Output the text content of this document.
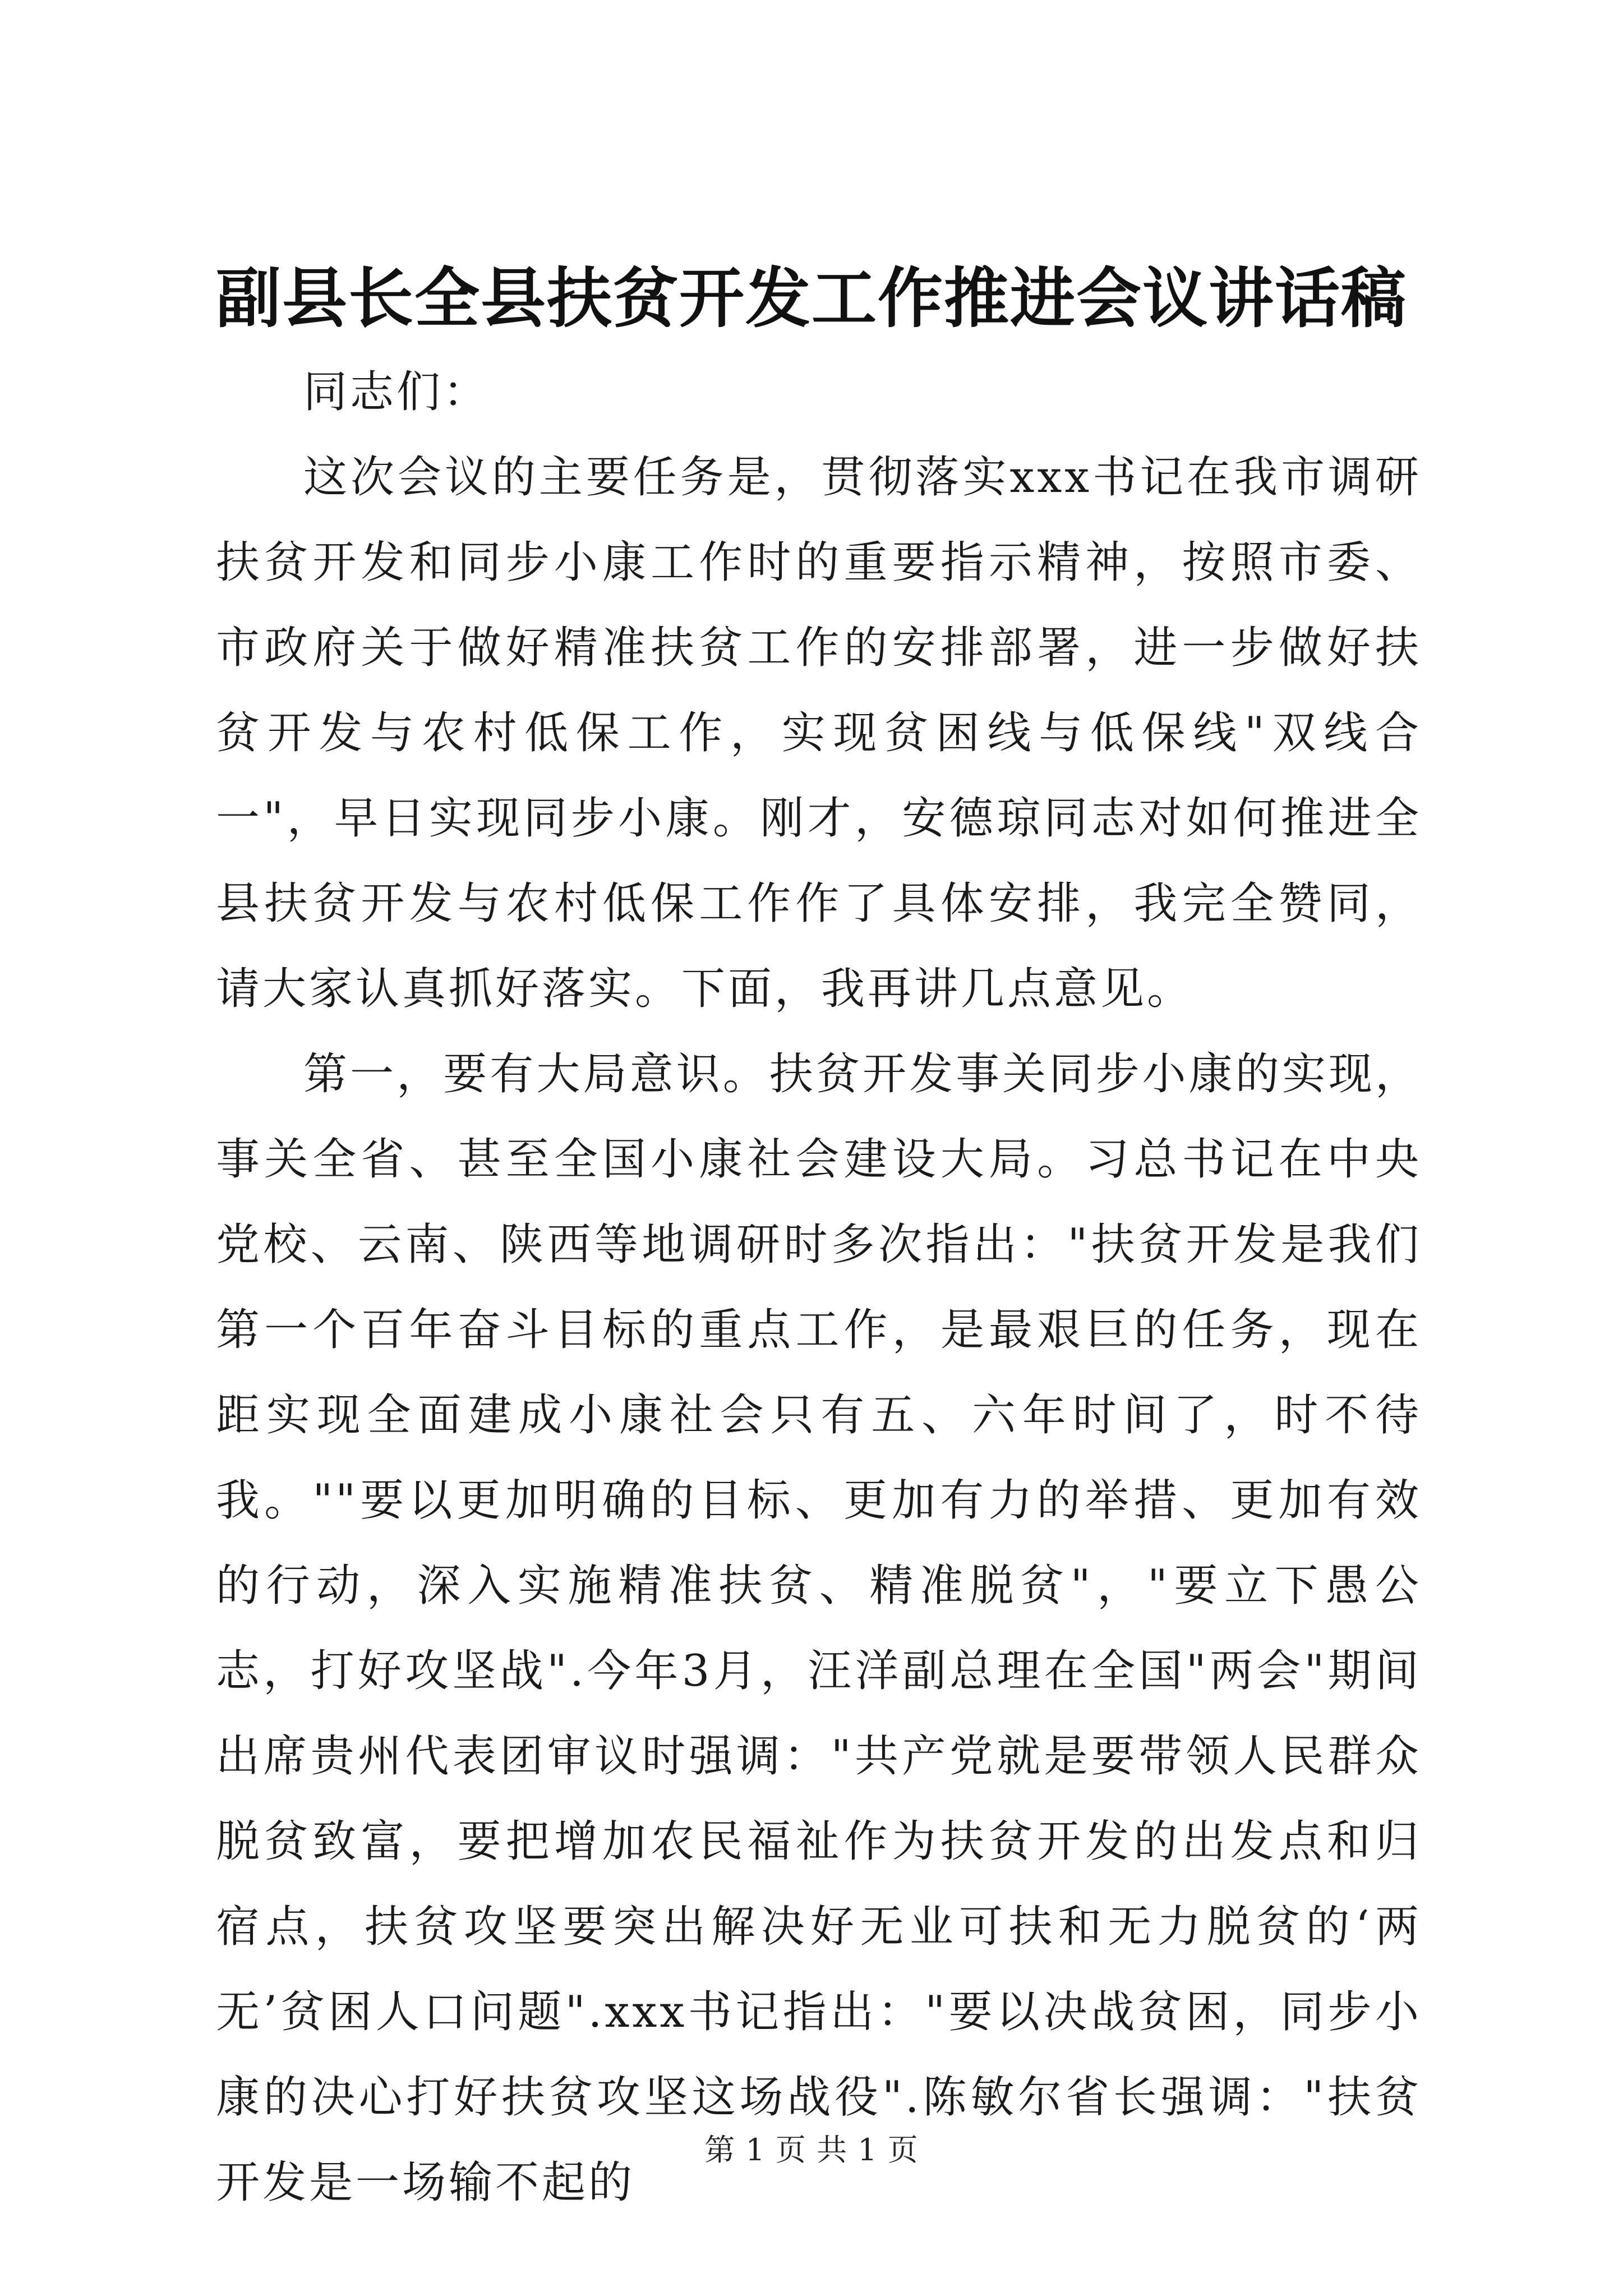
副县长全县扶贫开发工作推进会议讲话稿

同志们：

这次会议的主要任务是，贯彻落实xxx书记在我市调研扶贫开发和同步小康工作时的重要指示精神，按照市委、市政府关于做好精准扶贫工作的安排部署，进一步做好扶贫开发与农村低保工作，实现贫困线与低保线"双线合一"，早日实现同步小康。刚才，安德琼同志对如何推进全县扶贫开发与农村低保工作作了具体安排，我完全赞同，请大家认真抓好落实。下面，我再讲几点意见。

第一，要有大局意识。扶贫开发事关同步小康的实现，事关全省、甚至全国小康社会建设大局。习总书记在中央党校、云南、陕西等地调研时多次指出："扶贫开发是我们第一个百年奋斗目标的重点工作，是最艰巨的任务，现在距实现全面建成小康社会只有五、六年时间了，时不待我。""要以更加明确的目标、更加有力的举措、更加有效的行动，深入实施精准扶贫、精准脱贫"，"要立下愚公志，打好攻坚战".今年3月，汪洋副总理在全国"两会"期间出席贵州代表团审议时强调："共产党就是要带领人民群众脱贫致富，要把增加农民福祉作为扶贫开发的出发点和归宿点，扶贫攻坚要突出解决好无业可扶和无力脱贫的‘两无’贫困人口问题".xxx书记指出："要以决战贫困，同步小康的决心打好扶贫攻坚这场战役".陈敏尔省长强调："扶贫开发是一场输不起的

第 1 页 共 1 页
